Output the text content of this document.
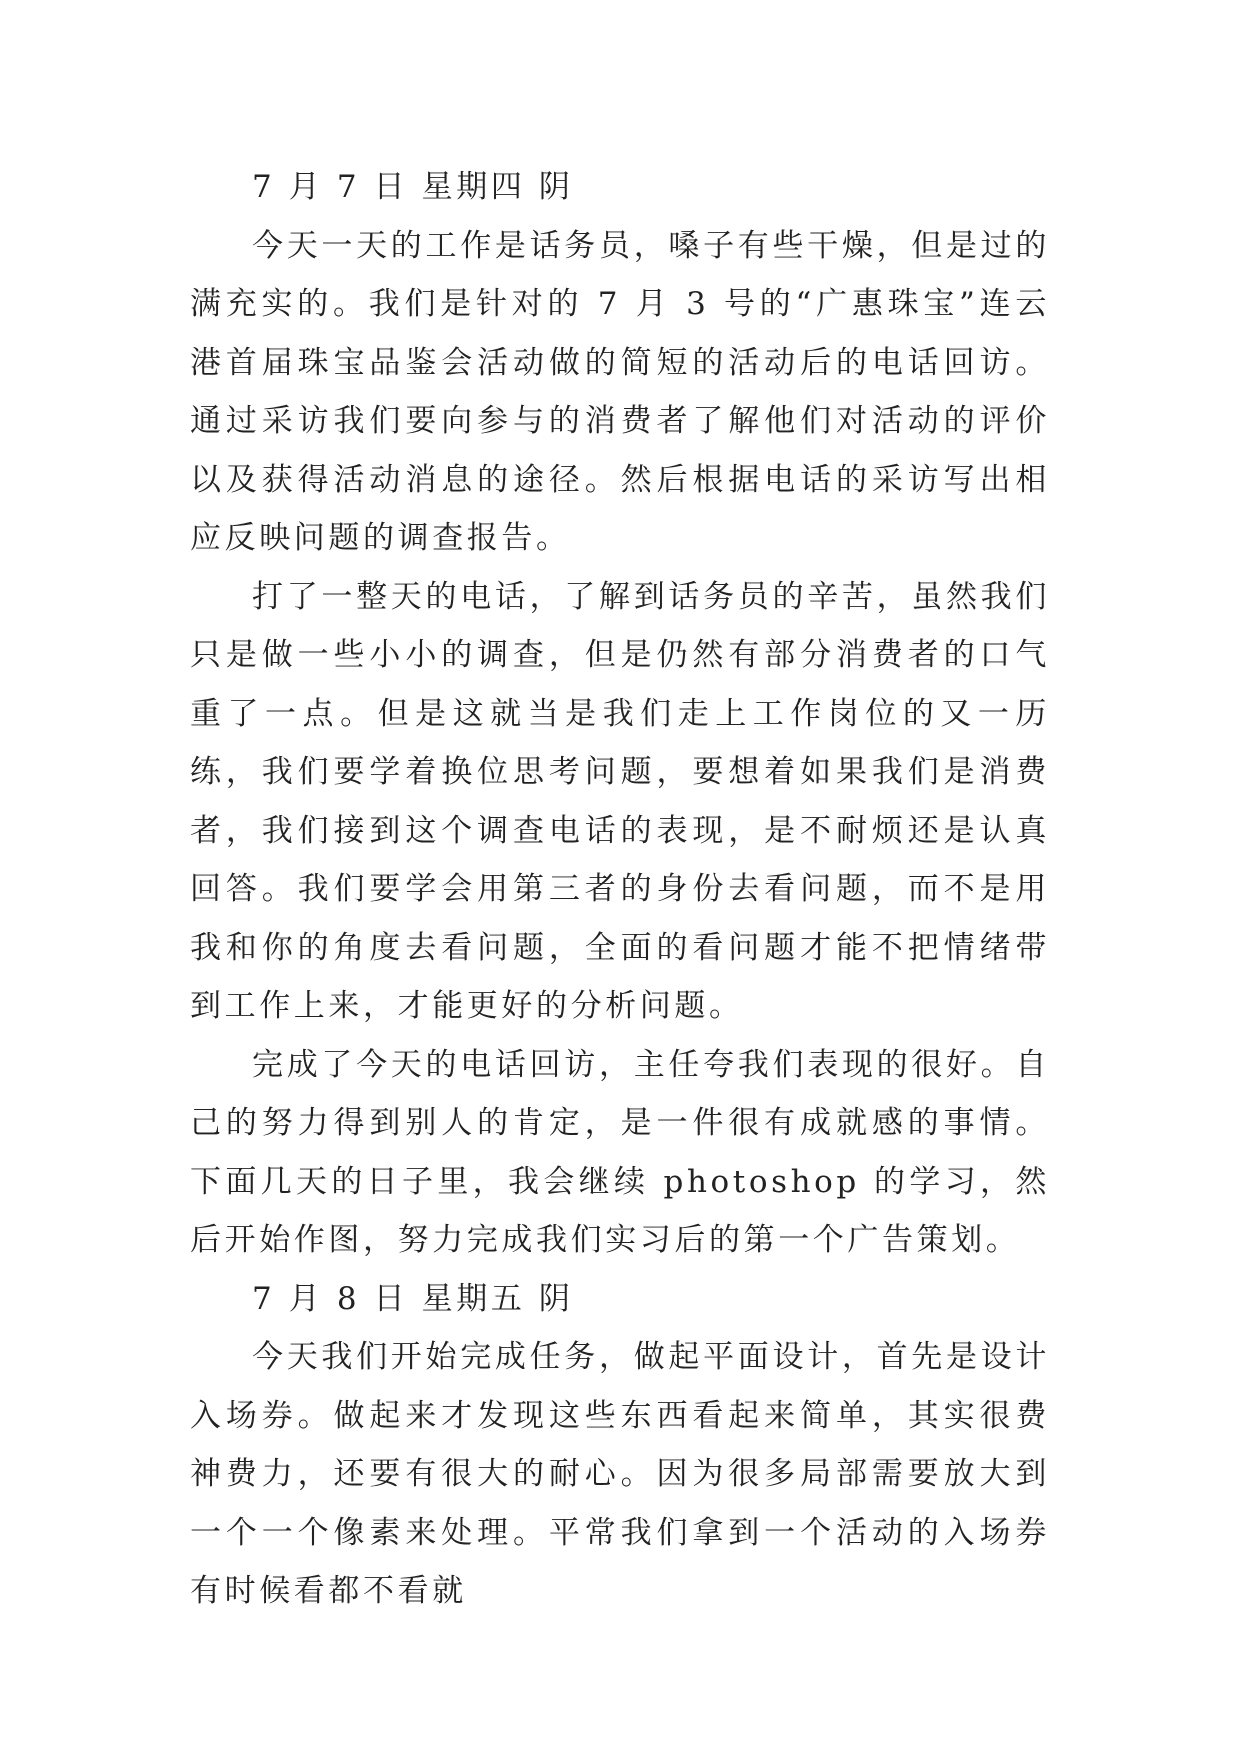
7 月 7 日 星期四 阴

今天一天的工作是话务员，嗓子有些干燥，但是过的满充实的。我们是针对的 7 月 3 号的“广惠珠宝”连云港首届珠宝品鉴会活动做的简短的活动后的电话回访。通过采访我们要向参与的消费者了解他们对活动的评价以及获得活动消息的途径。然后根据电话的采访写出相应反映问题的调查报告。

打了一整天的电话，了解到话务员的辛苦，虽然我们只是做一些小小的调查，但是仍然有部分消费者的口气重了一点。但是这就当是我们走上工作岗位的又一历练，我们要学着换位思考问题，要想着如果我们是消费者，我们接到这个调查电话的表现，是不耐烦还是认真回答。我们要学会用第三者的身份去看问题，而不是用我和你的角度去看问题，全面的看问题才能不把情绪带到工作上来，才能更好的分析问题。

完成了今天的电话回访，主任夸我们表现的很好。自己的努力得到别人的肯定，是一件很有成就感的事情。下面几天的日子里，我会继续 photoshop 的学习，然后开始作图，努力完成我们实习后的第一个广告策划。

7 月 8 日 星期五 阴

今天我们开始完成任务，做起平面设计，首先是设计入场券。做起来才发现这些东西看起来简单，其实很费神费力，还要有很大的耐心。因为很多局部需要放大到一个一个像素来处理。平常我们拿到一个活动的入场券有时候看都不看就
